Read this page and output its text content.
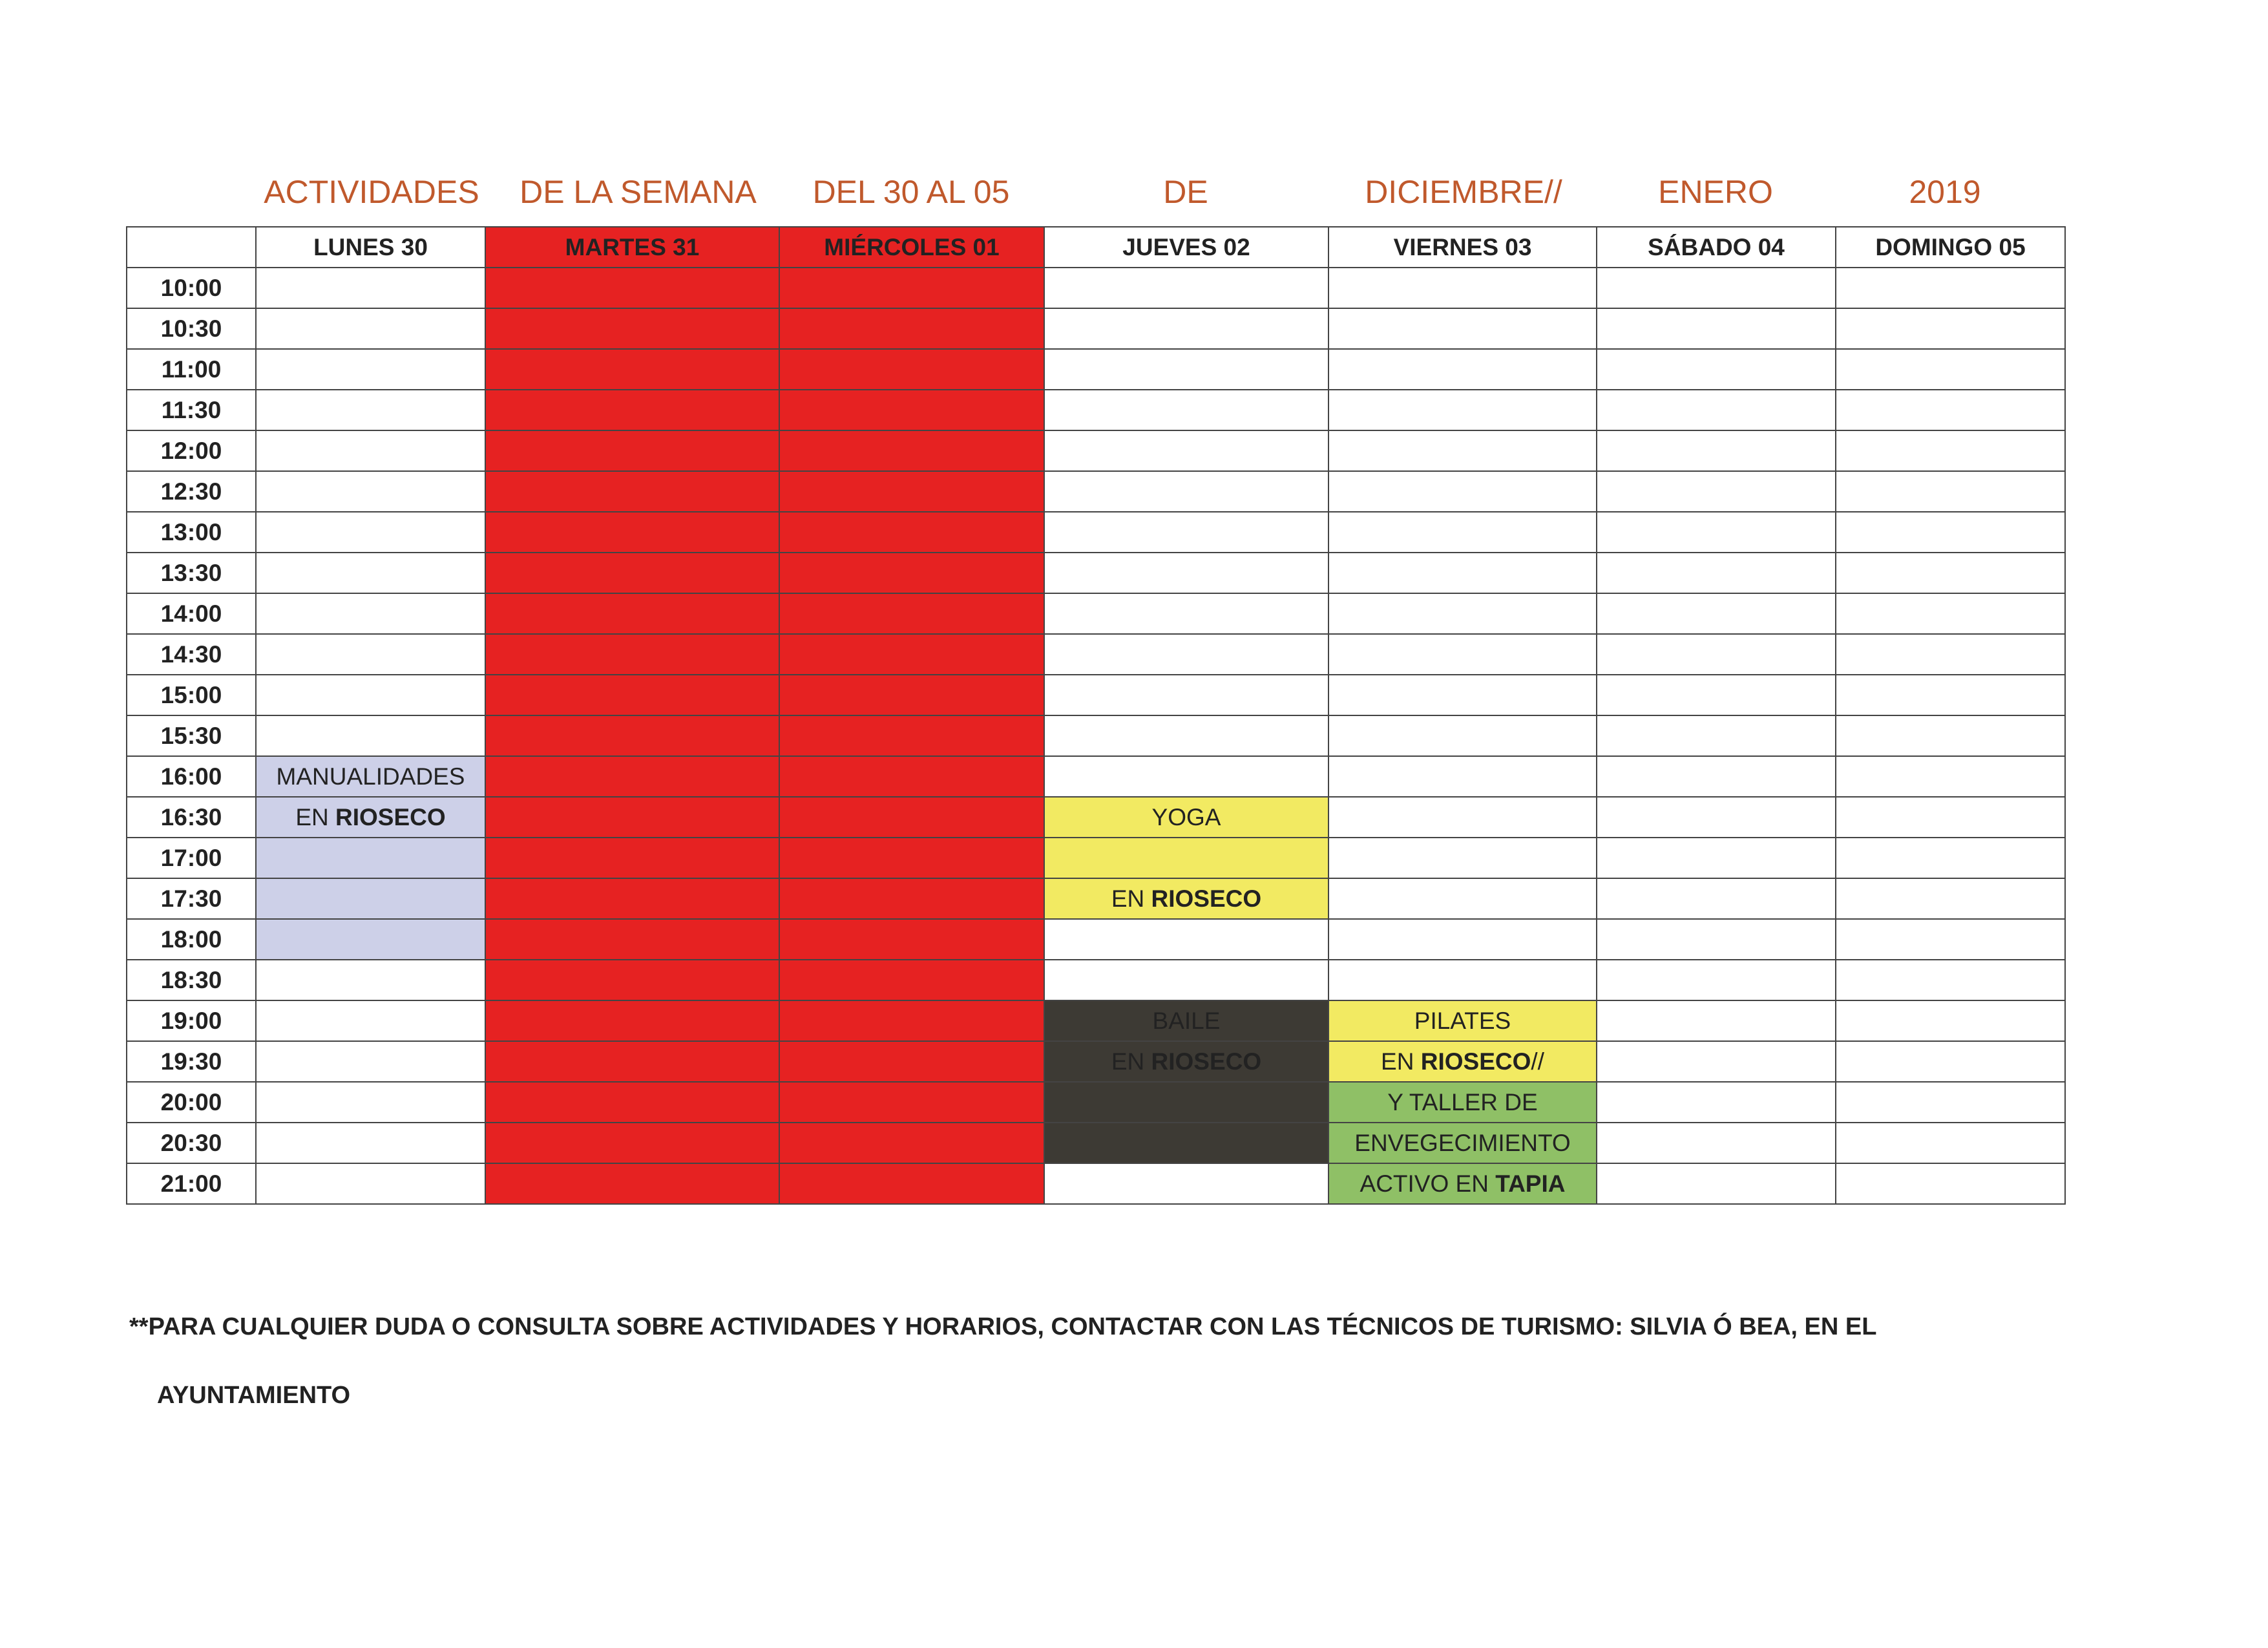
ACTIVIDADES	DE LA SEMANA	DEL 30 AL 05	DE	DICIEMBRE//	ENERO	2019
	LUNES 30	MARTES 31	MIÉRCOLES 01	JUEVES 02	VIERNES 03	SÁBADO 04	DOMINGO 05
10:00							
10:30							
11:00							
11:30							
12:00							
12:30							
13:00							
13:30							
14:00							
14:30							
15:00							
15:30							
16:00	MANUALIDADES						
16:30	EN RIOSECO			YOGA			
17:00							
17:30				EN RIOSECO			
18:00							
18:30							
19:00				BAILE	PILATES		
19:30				EN RIOSECO	EN RIOSECO//		
20:00					Y TALLER DE		
20:30					ENVEGECIMIENTO		
21:00					ACTIVO EN TAPIA		
**PARA CUALQUIER DUDA O CONSULTA SOBRE ACTIVIDADES Y HORARIOS, CONTACTAR CON LAS TÉCNICOS DE TURISMO: SILVIA Ó BEA, EN EL
AYUNTAMIENTO
